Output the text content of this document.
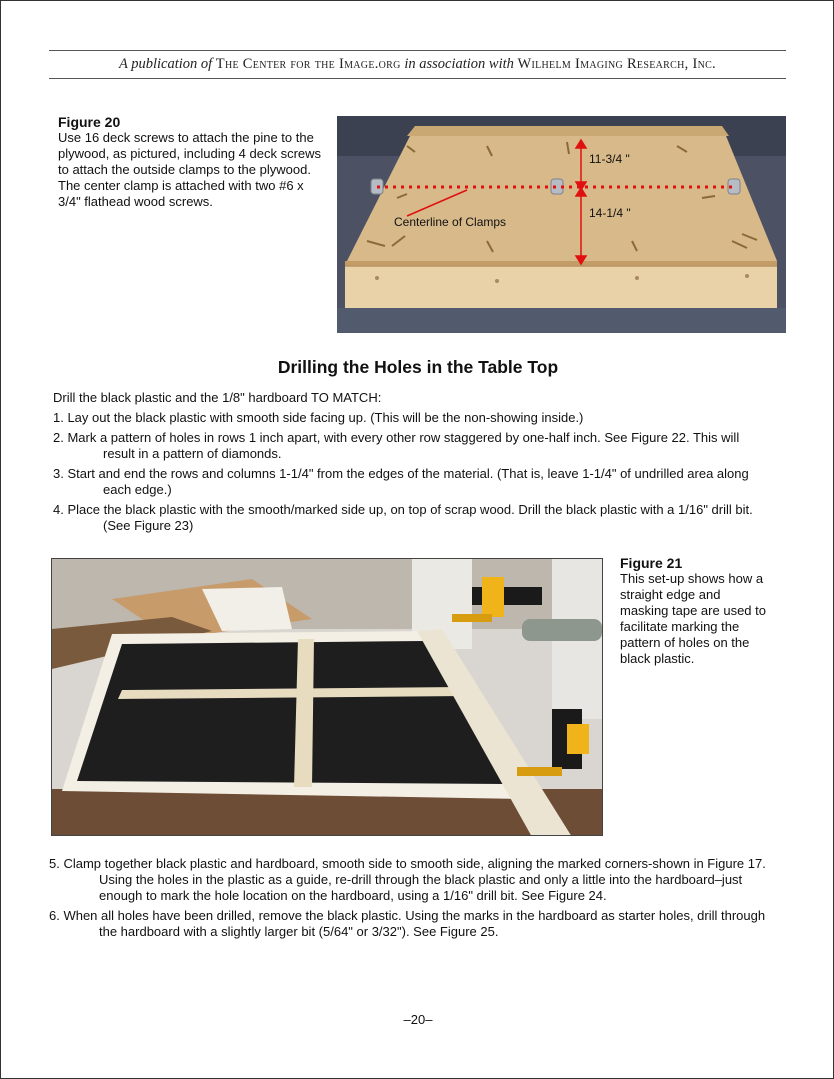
A publication of The Center for the Image.org in association with Wilhelm Imaging Research, Inc.
Figure 20
Use 16 deck screws to attach the pine to the plywood, as pictured, including 4 deck screws to attach the outside clamps to the plywood. The center clamp is attached with two #6 x 3/4" flathead wood screws.
11-3/4 "
14-1/4 "
Centerline of Clamps
Drilling the Holes in the Table Top
Drill the black plastic and the 1/8" hardboard TO MATCH:
1. Lay out the black plastic with smooth side facing up. (This will be the non-showing inside.)
2. Mark a pattern of holes in rows 1 inch apart, with every other row staggered by one-half inch. See Figure 22. This will result in a pattern of diamonds.
3. Start and end the rows and columns 1-1/4" from the edges of the material. (That is, leave 1-1/4" of undrilled area along each edge.)
4. Place the black plastic with the smooth/marked side up, on top of scrap wood. Drill the black plastic with a 1/16" drill bit. (See Figure 23)
Figure 21
This set-up shows how a straight edge and masking tape are used to facilitate marking the pattern of holes on the black plastic.
5. Clamp together black plastic and hardboard, smooth side to smooth side, aligning the marked corners-shown in Figure 17. Using the holes in the plastic as a guide, re-drill through the black plastic and only a little into the hardboard–just enough to mark the hole location on the hardboard, using a 1/16" drill bit. See Figure 24.
6. When all holes have been drilled, remove the black plastic. Using the marks in the hardboard as starter holes, drill through the hardboard with a slightly larger bit (5/64" or 3/32"). See Figure 25.
–20–
